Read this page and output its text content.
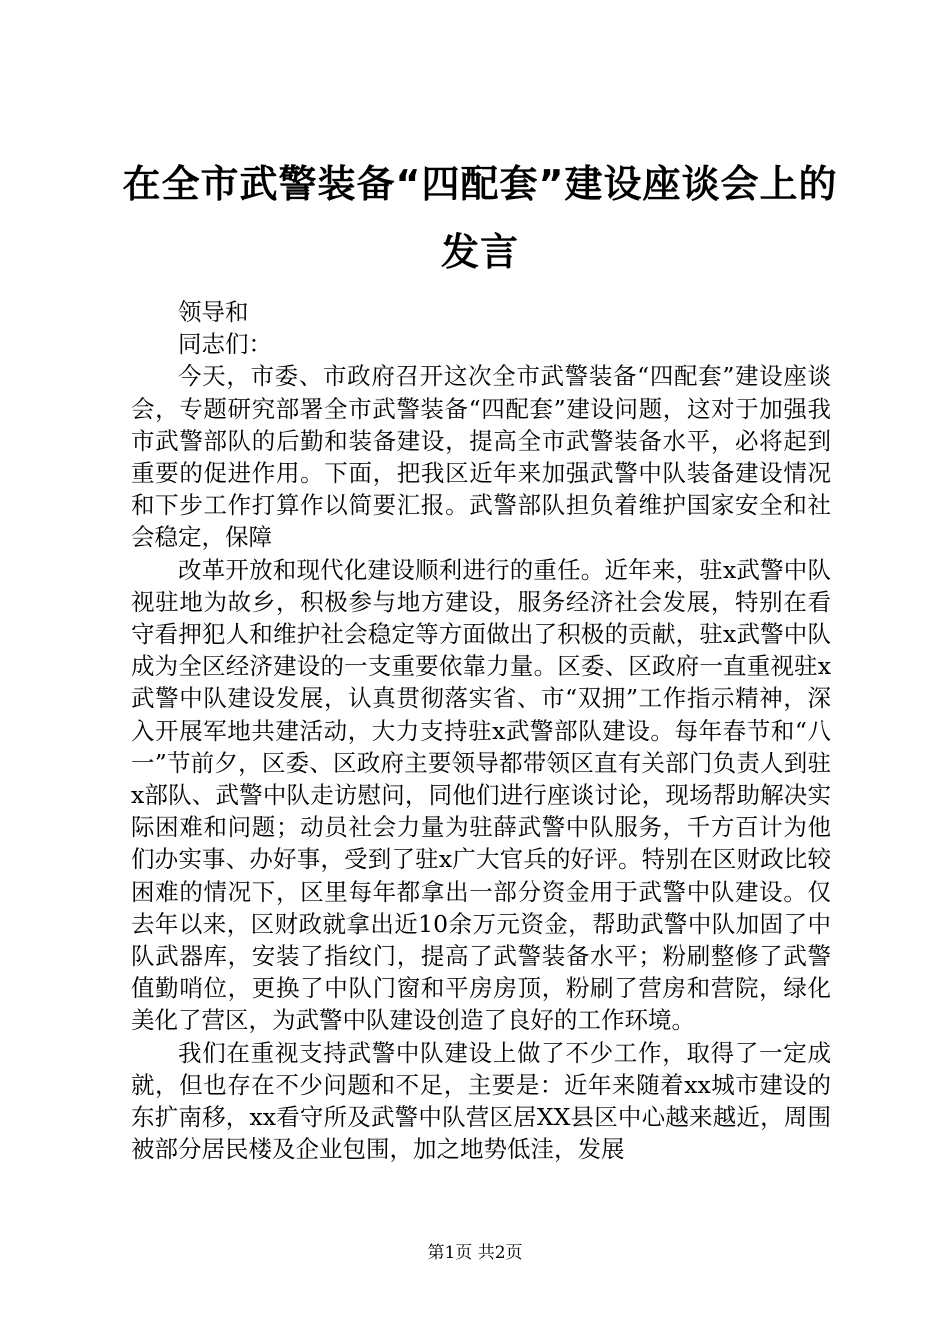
在全市武警装备“四配套”建设座谈会上的发言

领导和

同志们：

今天，市委、市政府召开这次全市武警装备“四配套”建设座谈会，专题研究部署全市武警装备“四配套”建设问题，这对于加强我市武警部队的后勤和装备建设，提高全市武警装备水平，必将起到重要的促进作用。下面，把我区近年来加强武警中队装备建设情况和下步工作打算作以简要汇报。武警部队担负着维护国家安全和社会稳定，保障

改革开放和现代化建设顺利进行的重任。近年来，驻x武警中队视驻地为故乡，积极参与地方建设，服务经济社会发展，特别在看守看押犯人和维护社会稳定等方面做出了积极的贡献，驻x武警中队成为全区经济建设的一支重要依靠力量。区委、区政府一直重视驻x武警中队建设发展，认真贯彻落实省、市“双拥”工作指示精神，深入开展军地共建活动，大力支持驻x武警部队建设。每年春节和“八一”节前夕，区委、区政府主要领导都带领区直有关部门负责人到驻x部队、武警中队走访慰问，同他们进行座谈讨论，现场帮助解决实际困难和问题；动员社会力量为驻薛武警中队服务，千方百计为他们办实事、办好事，受到了驻x广大官兵的好评。特别在区财政比较困难的情况下，区里每年都拿出一部分资金用于武警中队建设。仅去年以来，区财政就拿出近10余万元资金，帮助武警中队加固了中队武器库，安装了指纹门，提高了武警装备水平；粉刷整修了武警值勤哨位，更换了中队门窗和平房房顶，粉刷了营房和营院，绿化美化了营区，为武警中队建设创造了良好的工作环境。

我们在重视支持武警中队建设上做了不少工作，取得了一定成就，但也存在不少问题和不足，主要是：近年来随着xx城市建设的东扩南移，xx看守所及武警中队营区居XX县区中心越来越近，周围被部分居民楼及企业包围，加之地势低洼，发展

第1页 共2页
